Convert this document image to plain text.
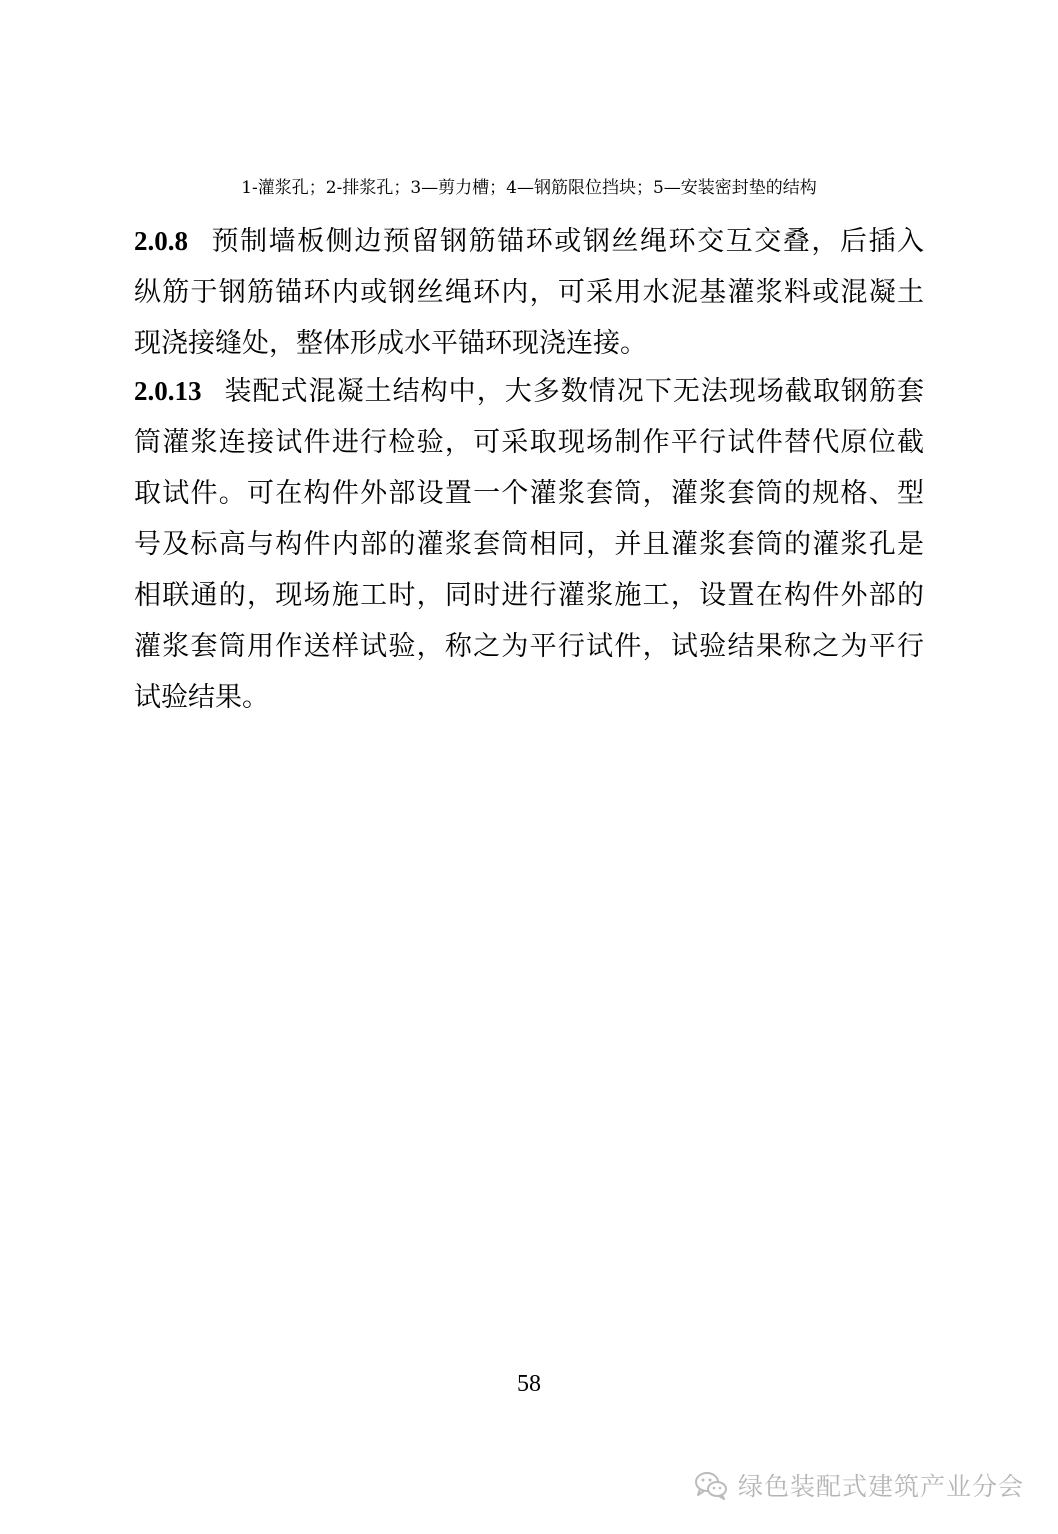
1-灌浆孔；2-排浆孔；3—剪力槽；4—钢筋限位挡块；5—安装密封垫的结构
2.0.8 预制墙板侧边预留钢筋锚环或钢丝绳环交互交叠，后插入
纵筋于钢筋锚环内或钢丝绳环内，可采用水泥基灌浆料或混凝土
现浇接缝处，整体形成水平锚环现浇连接。
2.0.13 装配式混凝土结构中，大多数情况下无法现场截取钢筋套
筒灌浆连接试件进行检验，可采取现场制作平行试件替代原位截
取试件。可在构件外部设置一个灌浆套筒，灌浆套筒的规格、型
号及标高与构件内部的灌浆套筒相同，并且灌浆套筒的灌浆孔是
相联通的，现场施工时，同时进行灌浆施工，设置在构件外部的
灌浆套筒用作送样试验，称之为平行试件，试验结果称之为平行
试验结果。
58
绿色装配式建筑产业分会
